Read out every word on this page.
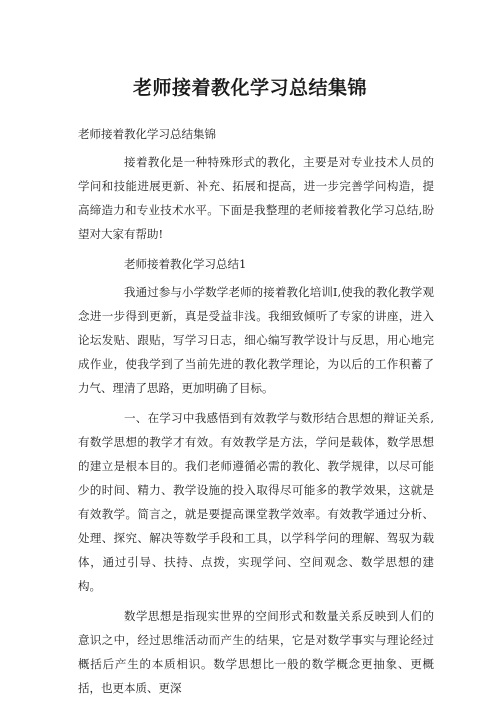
老师接着教化学习总结集锦

老师接着教化学习总结集锦

接着教化是一种特殊形式的教化，主要是对专业技术人员的学问和技能进展更新、补充、拓展和提高，进一步完善学问构造，提高缔造力和专业技术水平。下面是我整理的老师接着教化学习总结,盼望对大家有帮助!

老师接着教化学习总结1

我通过参与小学数学老师的接着教化培训I,使我的教化教学观念进一步得到更新，真是受益非浅。我细致倾听了专家的讲座，进入论坛发贴、跟贴，写学习日志，细心编写教学设计与反思，用心地完成作业，使我学到了当前先进的教化教学理论，为以后的工作积蓄了力气、理清了思路，更加明确了目标。

一、在学习中我感悟到有效教学与数形结合思想的辩证关系,有数学思想的教学才有效。有效教学是方法，学问是载体，数学思想的建立是根本目的。我们老师遵循必需的教化、教学规律，以尽可能少的时间、精力、教学设施的投入取得尽可能多的教学效果，这就是有效教学。简言之，就是要提高课堂教学效率。有效教学通过分析、处理、探究、解决等数学手段和工具，以学科学问的理解、驾驭为载体，通过引导、扶持、点拨，实现学问、空间观念、数学思想的建构。

数学思想是指现实世界的空间形式和数量关系反映到人们的意识之中，经过思维活动而产生的结果，它是对数学事实与理论经过概括后产生的本质相识。数学思想比一般的数学概念更抽象、更概括，也更本质、更深
